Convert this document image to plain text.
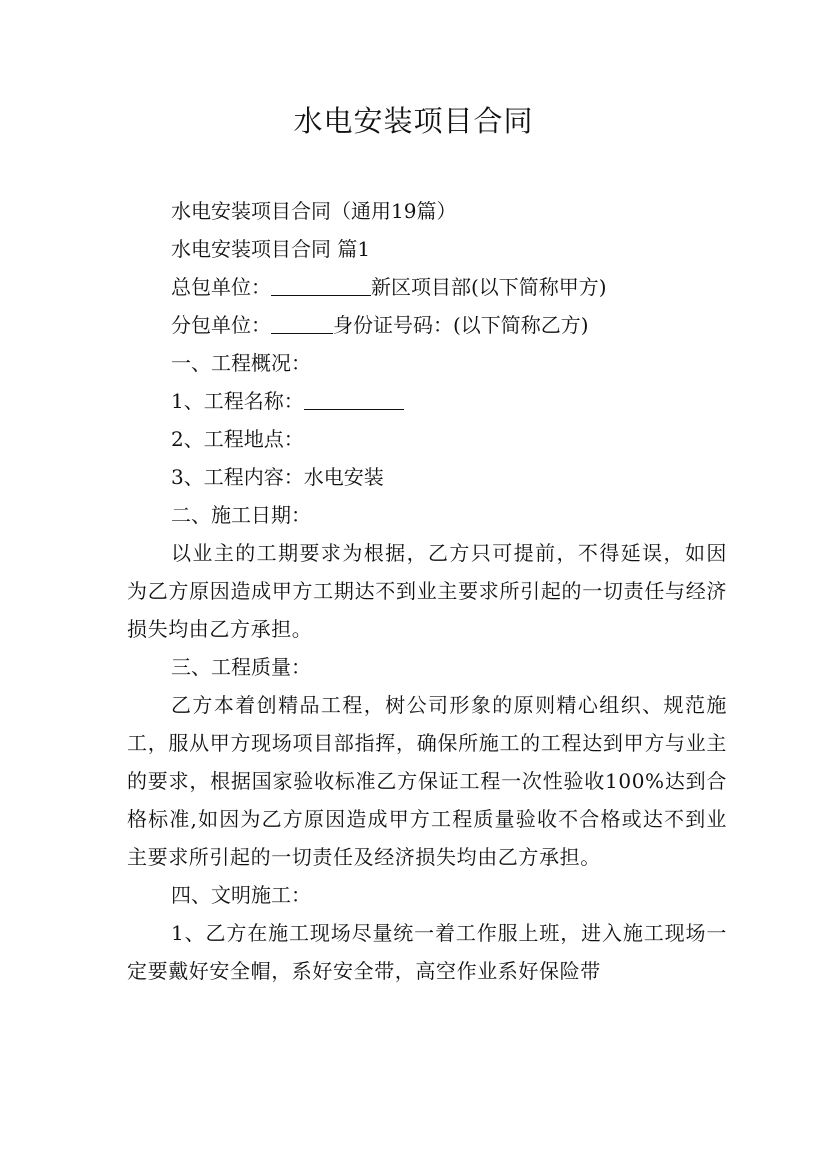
水电安装项目合同

水电安装项目合同（通用19篇）

水电安装项目合同 篇1

总包单位：	新区项目部(以下简称甲方)

分包单位：	身份证号码：(以下简称乙方)

一、工程概况：

1、工程名称：

2、工程地点：

3、工程内容：水电安装

二、施工日期：

以业主的工期要求为根据，乙方只可提前，不得延误，如因为乙方原因造成甲方工期达不到业主要求所引起的一切责任与经济损失均由乙方承担。

三、工程质量：

乙方本着创精品工程，树公司形象的原则精心组织、规范施工，服从甲方现场项目部指挥，确保所施工的工程达到甲方与业主的要求，根据国家验收标准乙方保证工程一次性验收100%达到合格标准,如因为乙方原因造成甲方工程质量验收不合格或达不到业主要求所引起的一切责任及经济损失均由乙方承担。

四、文明施工：

1、乙方在施工现场尽量统一着工作服上班，进入施工现场一定要戴好安全帽，系好安全带，高空作业系好保险带
